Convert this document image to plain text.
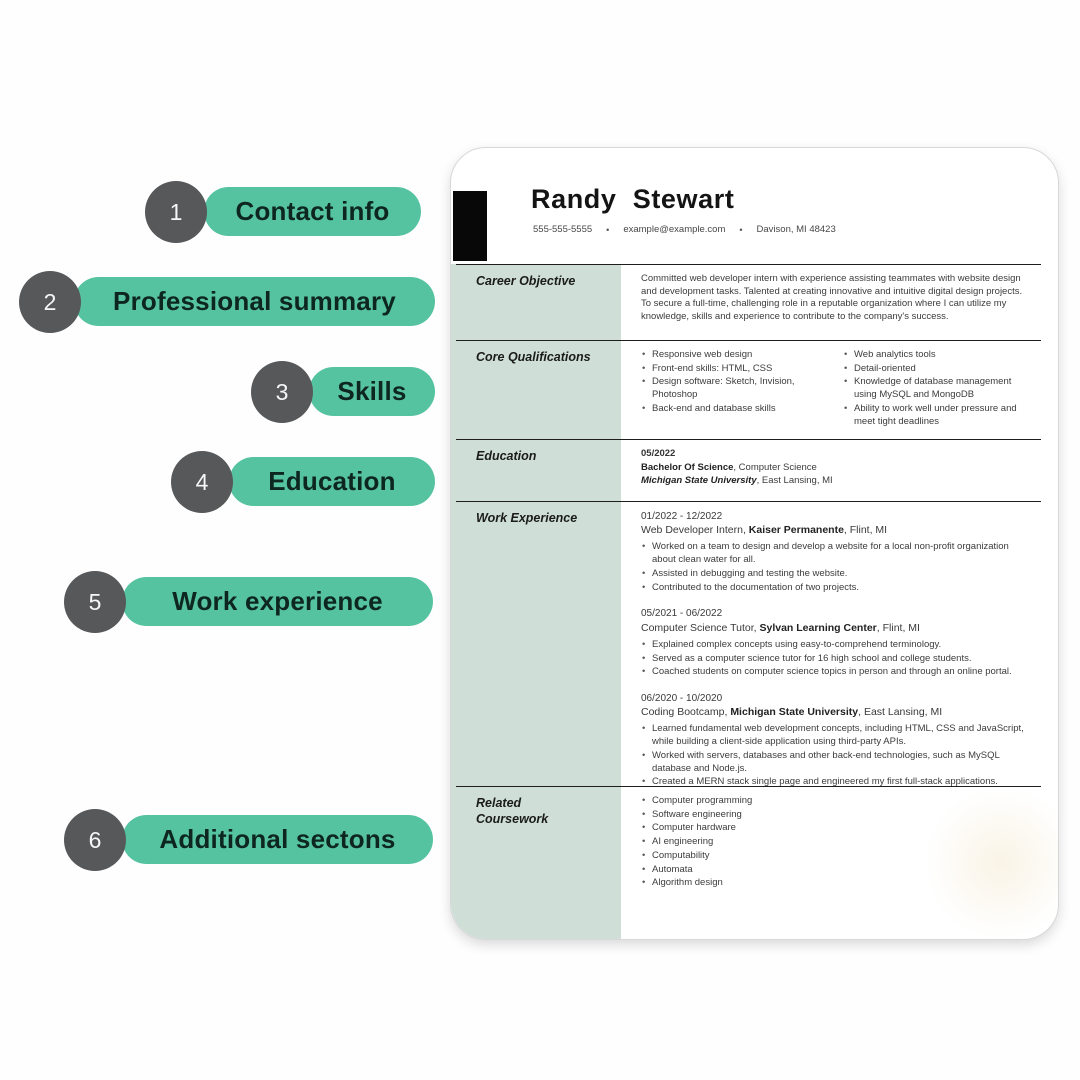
1 Contact info
2 Professional summary
3 Skills
4 Education
5	Work experience
6 Additional sectons
Randy  Stewart
555-555-5555 • example@example.com • Davison, MI 48423
Career Objective	Committed web developer intern with experience assisting teammates with website design and development tasks. Talented at creating innovative and intuitive digital design projects. To secure a full-time, challenging role in a reputable organization where I can utilize my knowledge, skills and experience to contribute to the company's success.
Core Qualifications	• Responsive web design
• Front-end skills: HTML, CSS
• Design software: Sketch, Invision, Photoshop
• Back-end and database skills
• Web analytics tools
• Detail-oriented
• Knowledge of database management using MySQL and MongoDB
• Ability to work well under pressure and meet tight deadlines
Education	05/2022
Bachelor Of Science, Computer Science
Michigan State University, East Lansing, MI
Work Experience	01/2022 - 12/2022
Web Developer Intern, Kaiser Permanente, Flint, MI
• Worked on a team to design and develop a website for a local non-profit organization about clean water for all.
• Assisted in debugging and testing the website.
• Contributed to the documentation of two projects.
05/2021 - 06/2022
Computer Science Tutor, Sylvan Learning Center, Flint, MI
• Explained complex concepts using easy-to-comprehend terminology.
• Served as a computer science tutor for 16 high school and college students.
• Coached students on computer science topics in person and through an online portal.
06/2020 - 10/2020
Coding Bootcamp, Michigan State University, East Lansing, MI
• Learned fundamental web development concepts, including HTML, CSS and JavaScript, while building a client-side application using third-party APIs.
• Worked with servers, databases and other back-end technologies, such as MySQL database and Node.js.
• Created a MERN stack single page and engineered my first full-stack applications.
Related Coursework
• Computer programming
• Software engineering
• Computer hardware
• AI engineering
• Computability
• Automata
• Algorithm design
